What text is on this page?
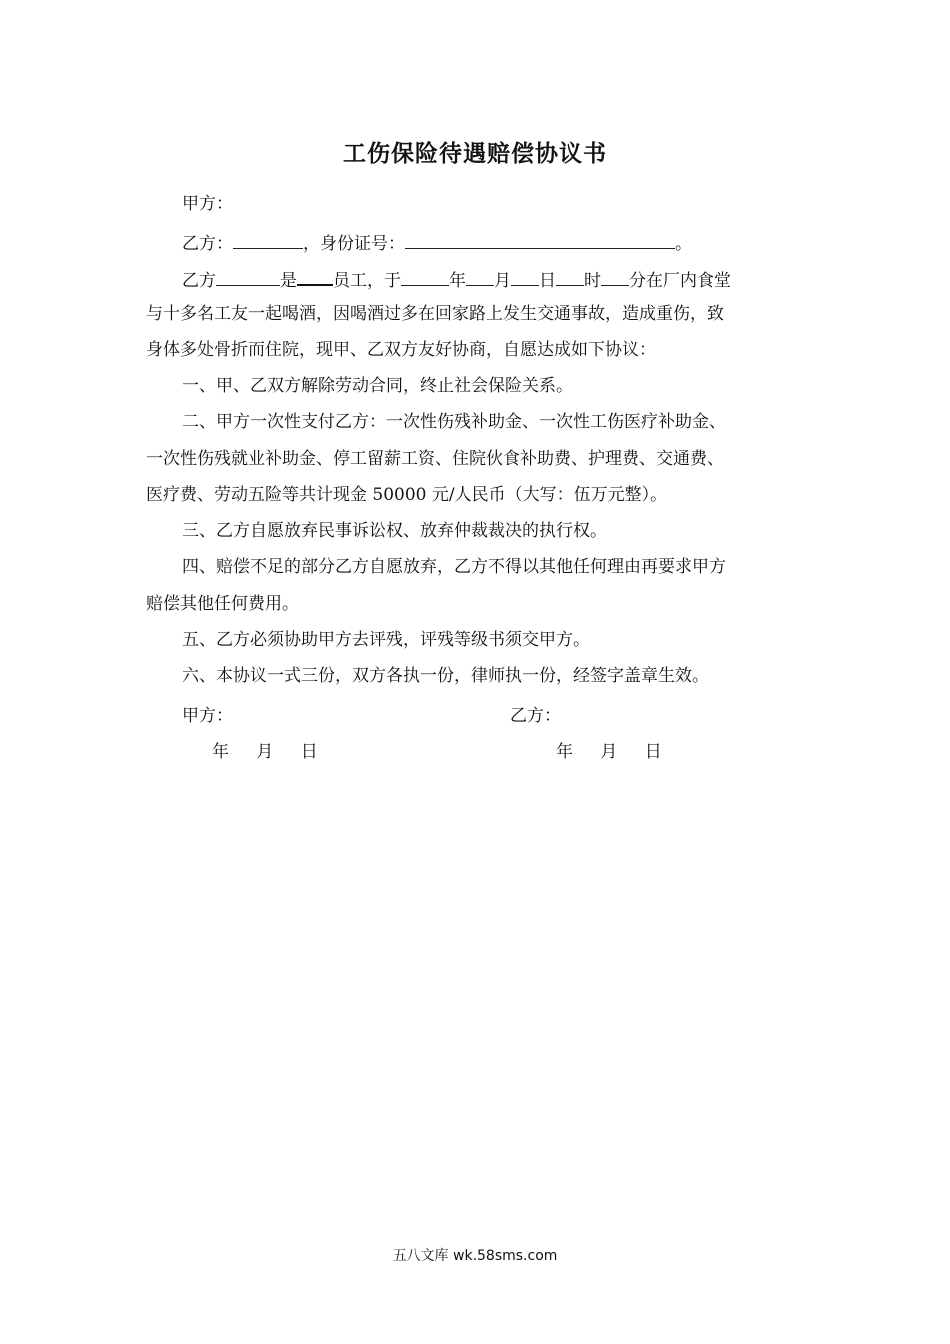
工伤保险待遇赔偿协议书
甲方：
乙方：	，身份证号：	。
乙方	是 员工，于	年 月 日 时 分在厂内食堂
与十多名工友一起喝酒，因喝酒过多在回家路上发生交通事故，造成重伤，致
身体多处骨折而住院，现甲、乙双方友好协商，自愿达成如下协议：
一、甲、乙双方解除劳动合同，终止社会保险关系。
二、甲方一次性支付乙方：一次性伤残补助金、一次性工伤医疗补助金、
一次性伤残就业补助金、停工留薪工资、住院伙食补助费、护理费、交通费、
医疗费、劳动五险等共计现金 50000 元/人民币（大写：伍万元整）。
三、乙方自愿放弃民事诉讼权、放弃仲裁裁决的执行权。
四、赔偿不足的部分乙方自愿放弃，乙方不得以其他任何理由再要求甲方
赔偿其他任何费用。
五、乙方必须协助甲方去评残，评残等级书须交甲方。
六、本协议一式三份，双方各执一份，律师执一份，经签字盖章生效。
甲方：	乙方：
年 月 日	年 月 日
五八文库 wk.58sms.com
